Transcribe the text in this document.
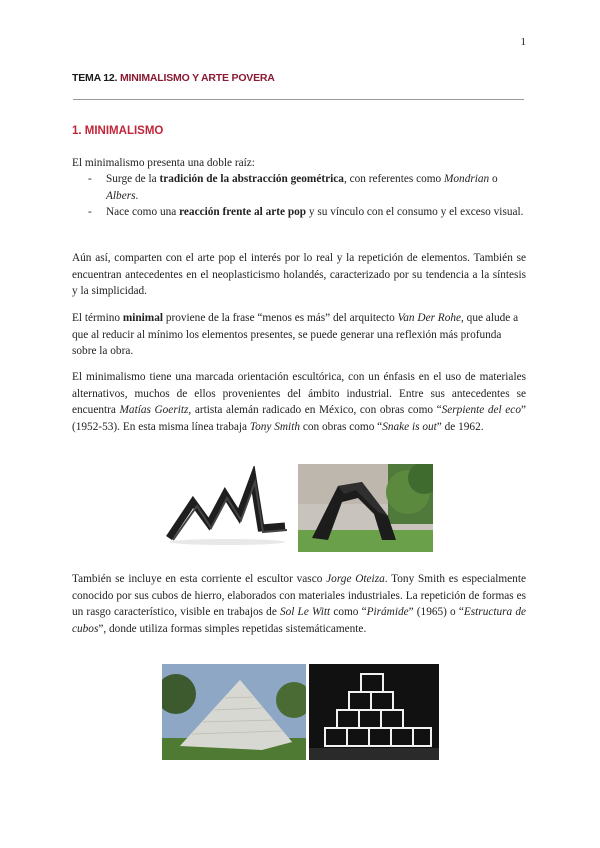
1
TEMA 12. MINIMALISMO Y ARTE POVERA
1. MINIMALISMO

El minimalismo presenta una doble raíz:

- Surge de la tradición de la abstracción geométrica, con referentes como Mondrian o Albers.
- Nace como una reacción frente al arte pop y su vínculo con el consumo y el exceso visual.

Aún así, comparten con el arte pop el interés por lo real y la repetición de elementos. También se encuentran antecedentes en el neoplasticismo holandés, caracterizado por su tendencia a la síntesis y la simplicidad.

El término minimal proviene de la frase “menos es más” del arquitecto Van Der Rohe, que alude a que al reducir al mínimo los elementos presentes, se puede generar una reflexión más profunda sobre la obra.

El minimalismo tiene una marcada orientación escultórica, con un énfasis en el uso de materiales alternativos, muchos de ellos provenientes del ámbito industrial. Entre sus antecedentes se encuentra Matías Goeritz, artista alemán radicado en México, con obras como “Serpiente del eco” (1952-53). En esta misma línea trabaja Tony Smith con obras como “Snake is out” de 1962.

También se incluye en esta corriente el escultor vasco Jorge Oteiza. Tony Smith es especialmente conocido por sus cubos de hierro, elaborados con materiales industriales. La repetición de formas es un rasgo característico, visible en trabajos de Sol Le Witt como “Pirámide” (1965) o “Estructura de cubos”, donde utiliza formas simples repetidas sistemáticamente.
